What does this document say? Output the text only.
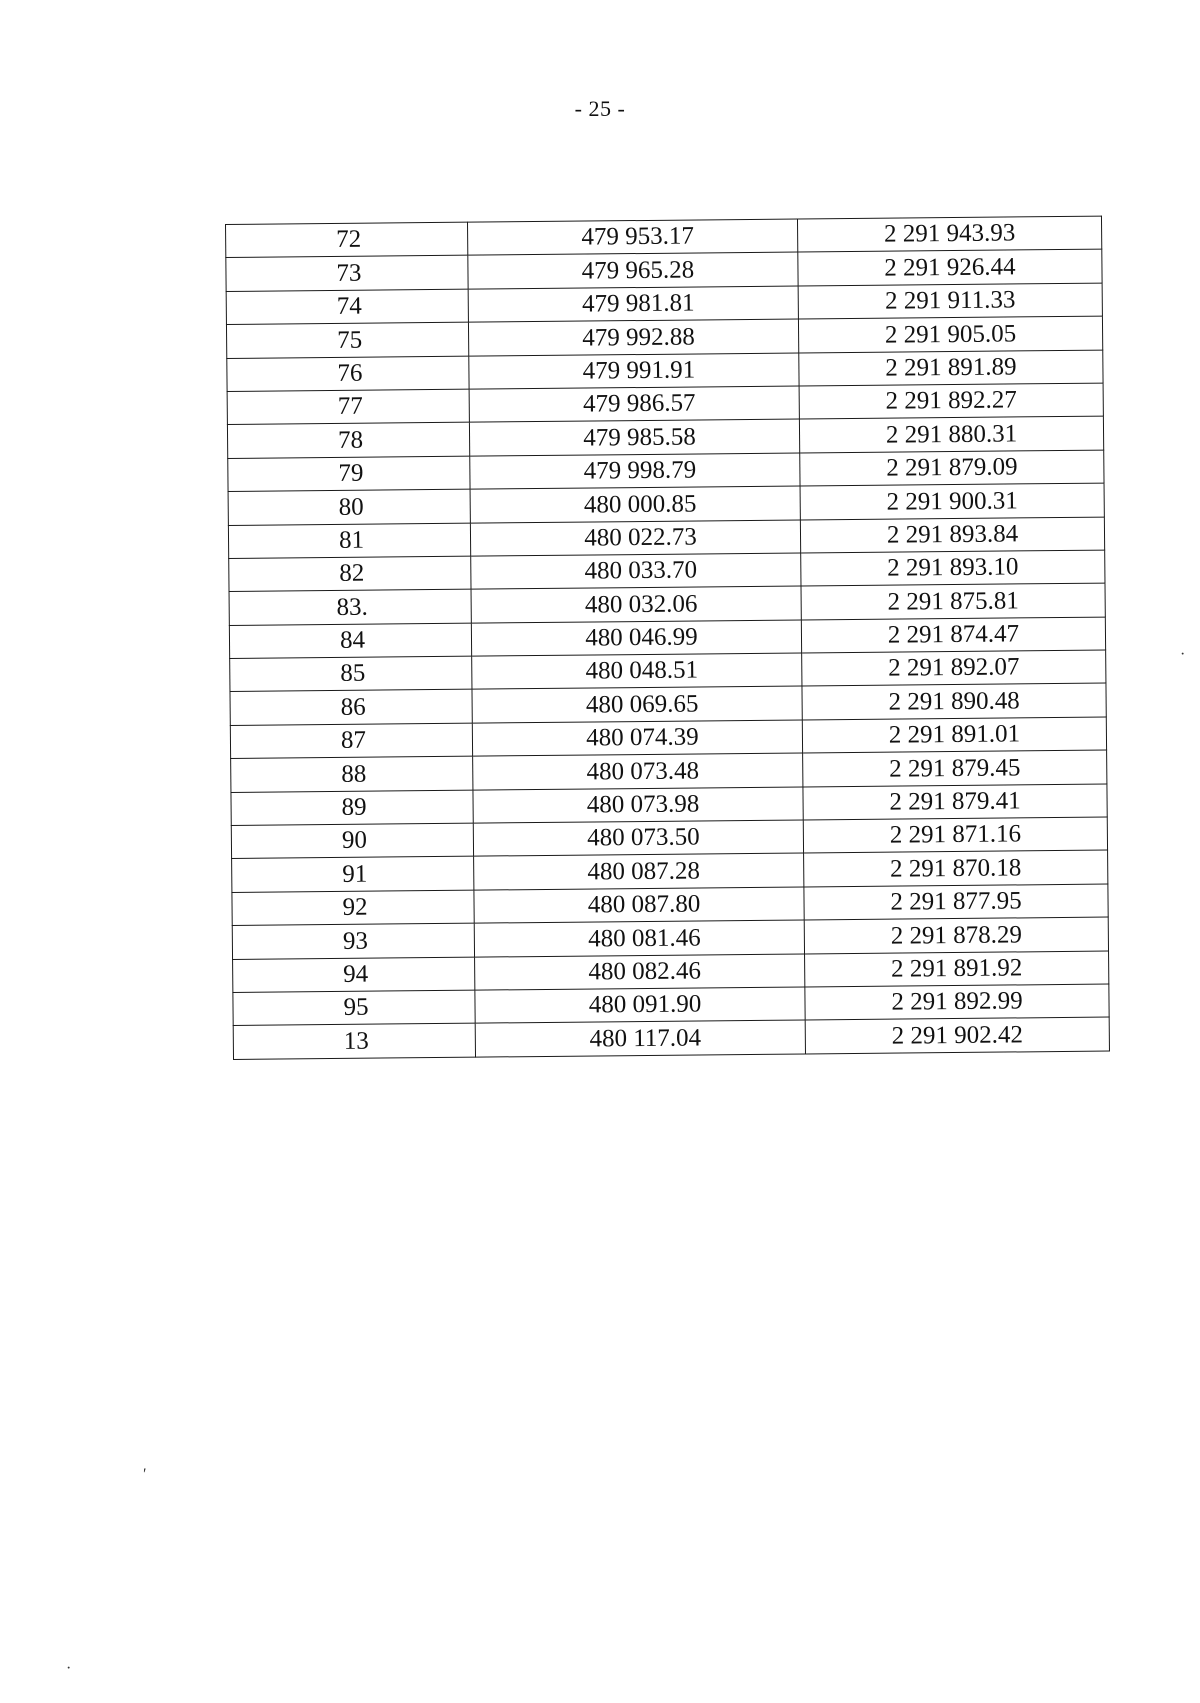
- 25 -
72	479 953.17	2 291 943.93
73	479 965.28	2 291 926.44
74	479 981.81	2 291 911.33
75	479 992.88	2 291 905.05
76	479 991.91	2 291 891.89
77	479 986.57	2 291 892.27
78	479 985.58	2 291 880.31
79	479 998.79	2 291 879.09
80	480 000.85	2 291 900.31
81	480 022.73	2 291 893.84
82	480 033.70	2 291 893.10
83.	480 032.06	2 291 875.81
84	480 046.99	2 291 874.47
85	480 048.51	2 291 892.07
86	480 069.65	2 291 890.48
87	480 074.39	2 291 891.01
88	480 073.48	2 291 879.45
89	480 073.98	2 291 879.41
90	480 073.50	2 291 871.16
91	480 087.28	2 291 870.18
92	480 087.80	2 291 877.95
93	480 081.46	2 291 878.29
94	480 082.46	2 291 891.92
95	480 091.90	2 291 892.99
13	480 117.04	2 291 902.42
·
'
·
